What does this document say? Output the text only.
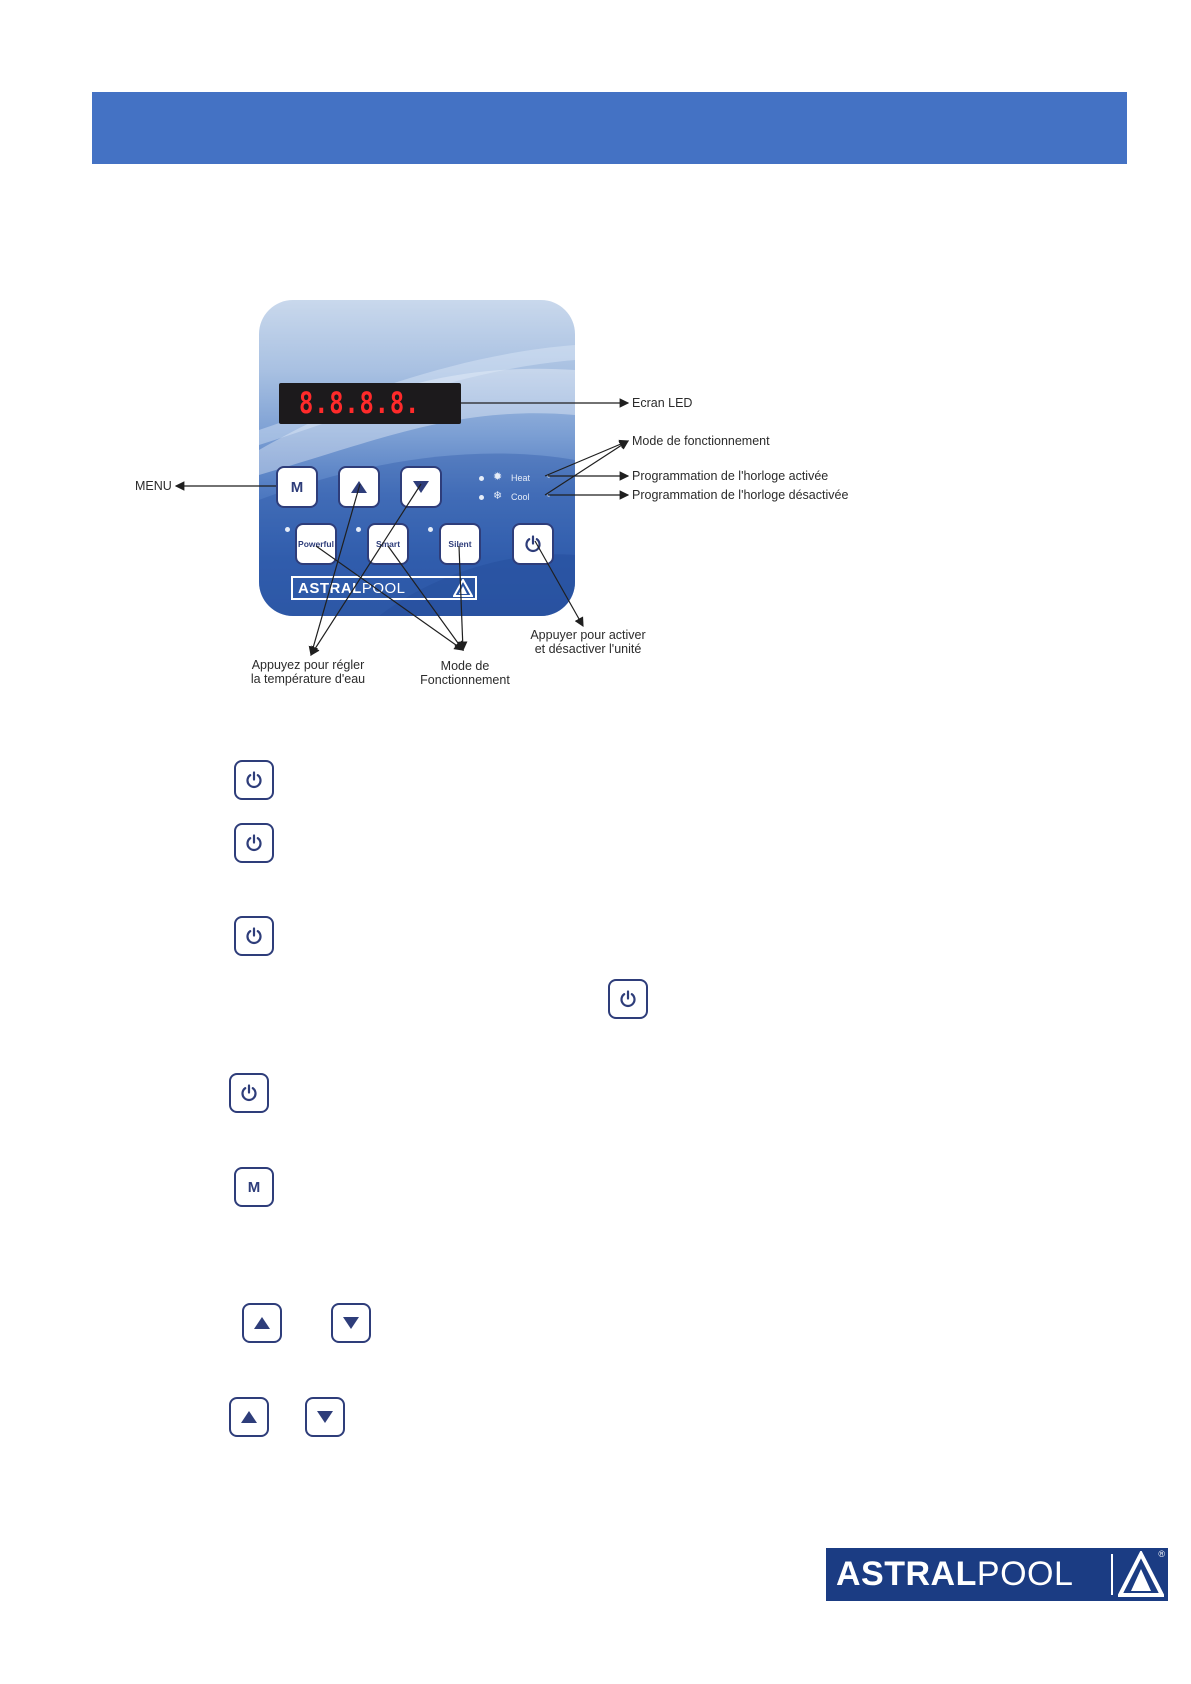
8.8.8.8.
M
✹ Heat ◔
❄ Cool ◔
Powerful	Smart	Silent
ASTRALPOOL
Ecran LED
Mode de fonctionnement
Programmation de l'horloge activée
Programmation de l'horloge désactivée
MENU
Appuyez pour régler
la température d'eau
Mode de
Fonctionnement
Appuyer pour activer
et désactiver l'unité
M
ASTRALPOOL
®
